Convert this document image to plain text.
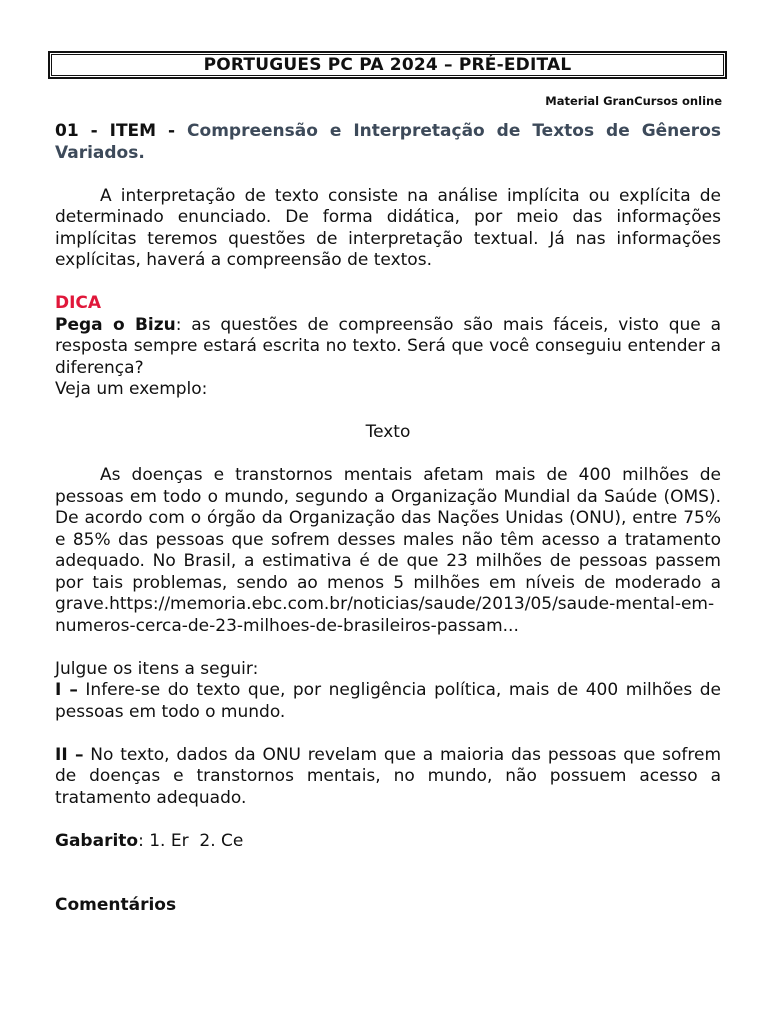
PORTUGUES PC PA 2024 – PRÉ-EDITAL
Material GranCursos online

01 - ITEM - Compreensão e Interpretação de Textos de Gêneros Variados.

A interpretação de texto consiste na análise implícita ou explícita de determinado enunciado. De forma didática, por meio das informações implícitas teremos questões de interpretação textual. Já nas informações explícitas, haverá a compreensão de textos.

DICA

Pega o Bizu: as questões de compreensão são mais fáceis, visto que a resposta sempre estará escrita no texto. Será que você conseguiu entender a diferença?

Veja um exemplo:

Texto

As doenças e transtornos mentais afetam mais de 400 milhões de pessoas em todo o mundo, segundo a Organização Mundial da Saúde (OMS). De acordo com o órgão da Organização das Nações Unidas (ONU), entre 75% e 85% das pessoas que sofrem desses males não têm acesso a tratamento adequado. No Brasil, a estimativa é de que 23 milhões de pessoas passem por tais problemas, sendo ao menos 5 milhões em níveis de moderado a grave.https://memoria.ebc.com.br/noticias/saude/2013/05/saude-mental-em-numeros-cerca-de-23-milhoes-de-brasileiros-passam...

Julgue os itens a seguir:

I – Infere-se do texto que, por negligência política, mais de 400 milhões de pessoas em todo o mundo.

II – No texto, dados da ONU revelam que a maioria das pessoas que sofrem de doenças e transtornos mentais, no mundo, não possuem acesso a tratamento adequado.

Gabarito: 1. Er  2. Ce

Comentários
